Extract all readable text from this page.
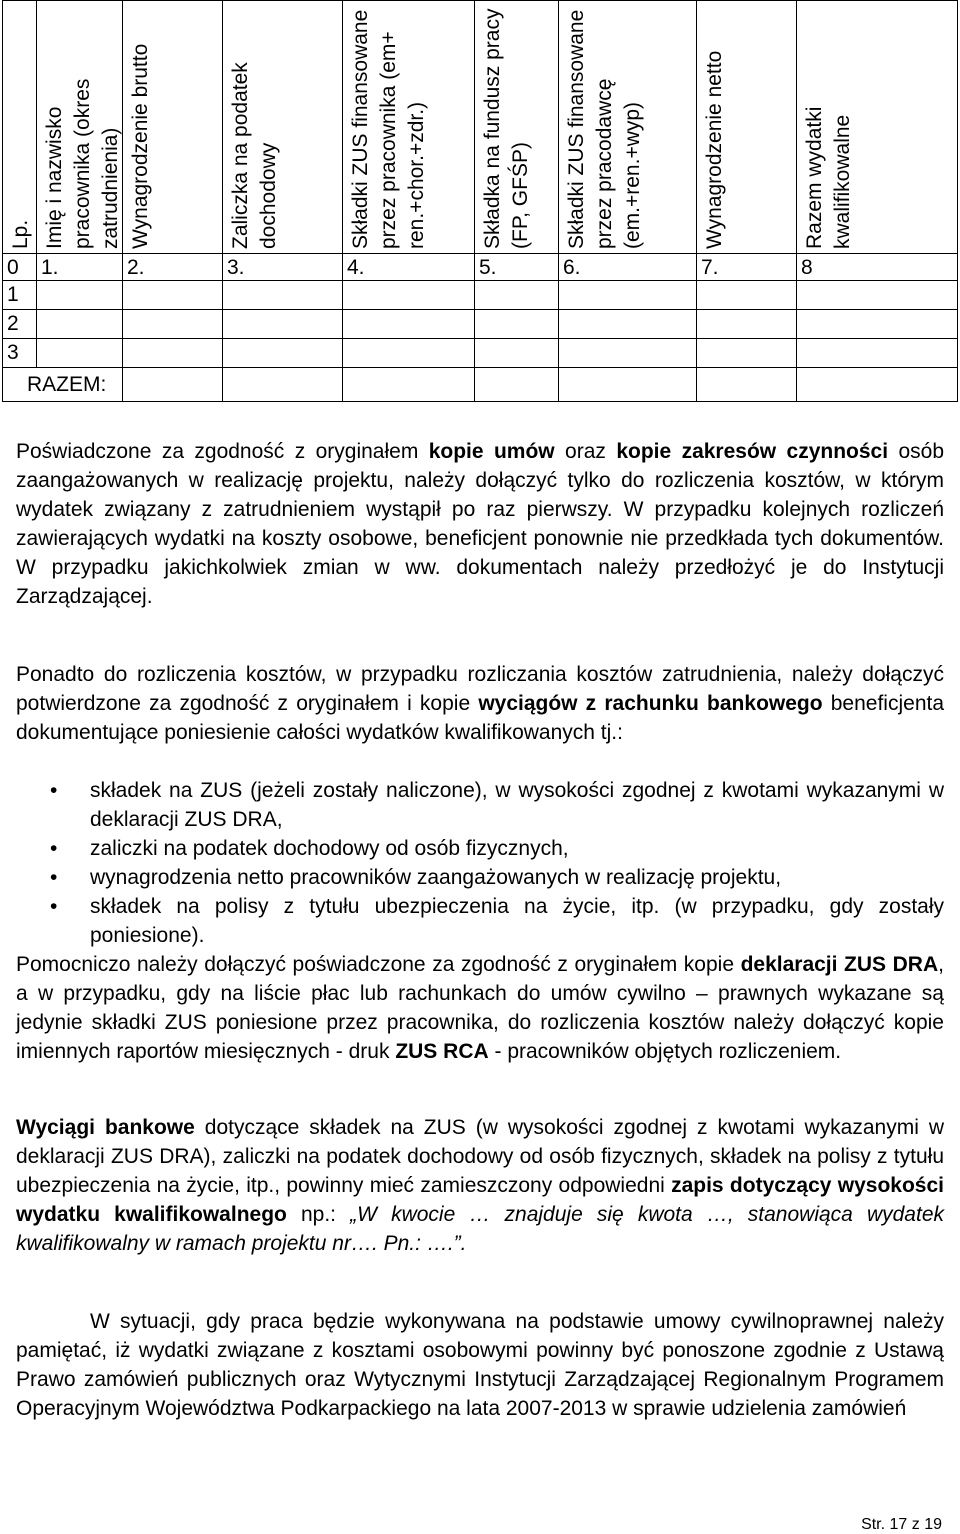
Lp.	Imię i nazwisko pracownika (okres zatrudnienia)	Wynagrodzenie brutto	Zaliczka na podatek dochodowy	Składki ZUS finansowane przez pracownika (em+ ren.+chor.+zdr.)	Składka na fundusz pracy (FP, GFŚP)	Składki ZUS finansowane przez pracodawcę (em.+ren.+wyp)	Wynagrodzenie netto	Razem wydatki kwalifikowalne

0	1.	2.	3.	4.	5.	6.	7.	8
1								
2								
3								
RAZEM:								

Poświadczone za zgodność z oryginałem kopie umów oraz kopie zakresów czynności osób zaangażowanych w realizację projektu, należy dołączyć tylko do rozliczenia kosztów, w którym wydatek związany z zatrudnieniem wystąpił po raz pierwszy. W przypadku kolejnych rozliczeń zawierających wydatki na koszty osobowe, beneficjent ponownie nie przedkłada tych dokumentów. W przypadku jakichkolwiek zmian w ww. dokumentach należy przedłożyć je do Instytucji Zarządzającej.

Ponadto do rozliczenia kosztów, w przypadku rozliczania kosztów zatrudnienia, należy dołączyć potwierdzone za zgodność z oryginałem i kopie wyciągów z rachunku bankowego beneficjenta dokumentujące poniesienie całości wydatków kwalifikowanych tj.:

• składek na ZUS (jeżeli zostały naliczone), w wysokości zgodnej z kwotami wykazanymi w deklaracji ZUS DRA,
• zaliczki na podatek dochodowy od osób fizycznych,
• wynagrodzenia netto pracowników zaangażowanych w realizację projektu,
• składek na polisy z tytułu ubezpieczenia na życie, itp. (w przypadku, gdy zostały poniesione).

Pomocniczo należy dołączyć poświadczone za zgodność z oryginałem kopie deklaracji ZUS DRA, a w przypadku, gdy na liście płac lub rachunkach do umów cywilno – prawnych wykazane są jedynie składki ZUS poniesione przez pracownika, do rozliczenia kosztów należy dołączyć kopie imiennych raportów miesięcznych - druk ZUS RCA - pracowników objętych rozliczeniem.

Wyciągi bankowe dotyczące składek na ZUS (w wysokości zgodnej z kwotami wykazanymi w deklaracji ZUS DRA), zaliczki na podatek dochodowy od osób fizycznych, składek na polisy z tytułu ubezpieczenia na życie, itp., powinny mieć zamieszczony odpowiedni zapis dotyczący wysokości wydatku kwalifikowalnego np.: „W kwocie … znajduje się kwota …, stanowiąca wydatek kwalifikowalny w ramach projektu nr…. Pn.: ….”.

W sytuacji, gdy praca będzie wykonywana na podstawie umowy cywilnoprawnej należy pamiętać, iż wydatki związane z kosztami osobowymi powinny być ponoszone zgodnie z Ustawą Prawo zamówień publicznych oraz Wytycznymi Instytucji Zarządzającej Regionalnym Programem Operacyjnym Województwa Podkarpackiego na lata 2007-2013 w sprawie udzielenia zamówień

Str. 17 z 19
